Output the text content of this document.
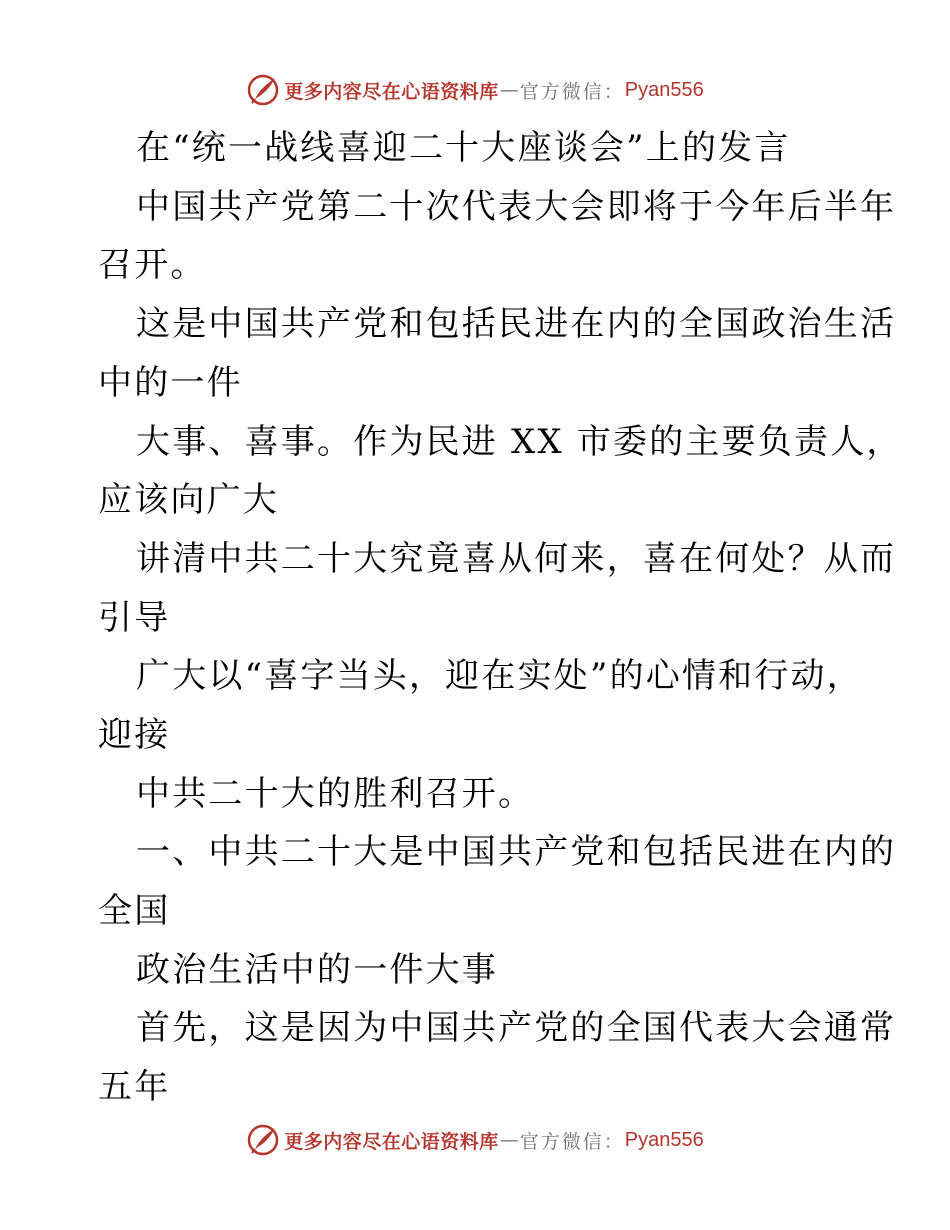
更多内容尽在心语资料库 — 官方微信： Pyan556
在“统一战线喜迎二十大座谈会”上的发言
中国共产党第二十次代表大会即将于今年后半年
召开。
这是中国共产党和包括民进在内的全国政治生活
中的一件
大事、喜事。作为民进 XX 市委的主要负责人，
应该向广大
讲清中共二十大究竟喜从何来，喜在何处？从而
引导
广大以“喜字当头，迎在实处”的心情和行动，
迎接
中共二十大的胜利召开。
一、中共二十大是中国共产党和包括民进在内的
全国
政治生活中的一件大事
首先，这是因为中国共产党的全国代表大会通常
五年
更多内容尽在心语资料库 — 官方微信： Pyan556
